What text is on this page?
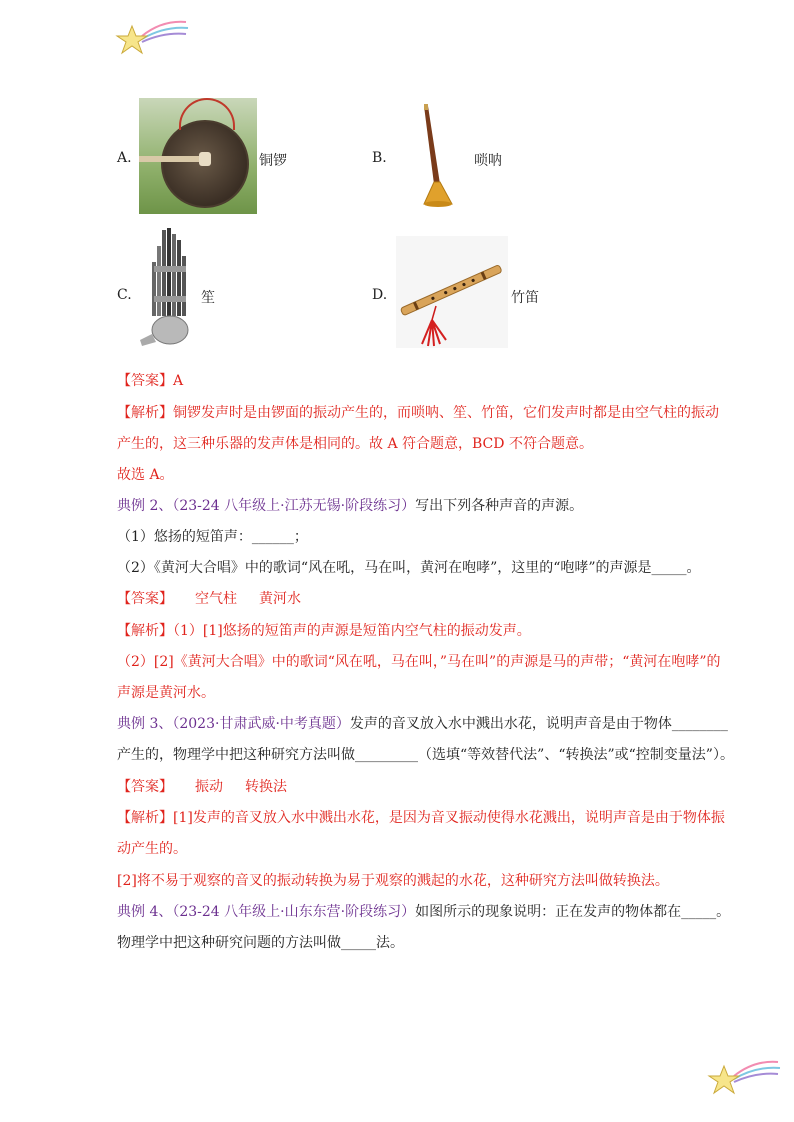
A.	铜锣	B.	唢呐
C.	笙	D.	竹笛
【答案】A
【解析】铜锣发声时是由锣面的振动产生的，而唢呐、笙、竹笛，它们发声时都是由空气柱的振动
产生的，这三种乐器的发声体是相同的。故 A 符合题意，BCD 不符合题意。
故选 A。
典例 2、（23-24 八年级上·江苏无锡·阶段练习）写出下列各种声音的声源。
（1）悠扬的短笛声：______；
（2）《黄河大合唱》中的歌词“风在吼，马在叫，黄河在咆哮”，这里的“咆哮”的声源是_____。
【答案】 空气柱 黄河水
【解析】（1）[1]悠扬的短笛声的声源是短笛内空气柱的振动发声。
（2）[2]《黄河大合唱》中的歌词“风在吼，马在叫，”马在叫”的声源是马的声带；“黄河在咆哮”的
声源是黄河水。
典例 3、（2023·甘肃武威·中考真题）发声的音叉放入水中溅出水花，说明声音是由于物体________
产生的，物理学中把这种研究方法叫做_________（选填“等效替代法”、“转换法”或“控制变量法”）。
【答案】 振动 转换法
【解析】[1]发声的音叉放入水中溅出水花，是因为音叉振动使得水花溅出，说明声音是由于物体振
动产生的。
[2]将不易于观察的音叉的振动转换为易于观察的溅起的水花，这种研究方法叫做转换法。
典例 4、（23-24 八年级上·山东东营·阶段练习）如图所示的现象说明：正在发声的物体都在_____。
物理学中把这种研究问题的方法叫做_____法。
